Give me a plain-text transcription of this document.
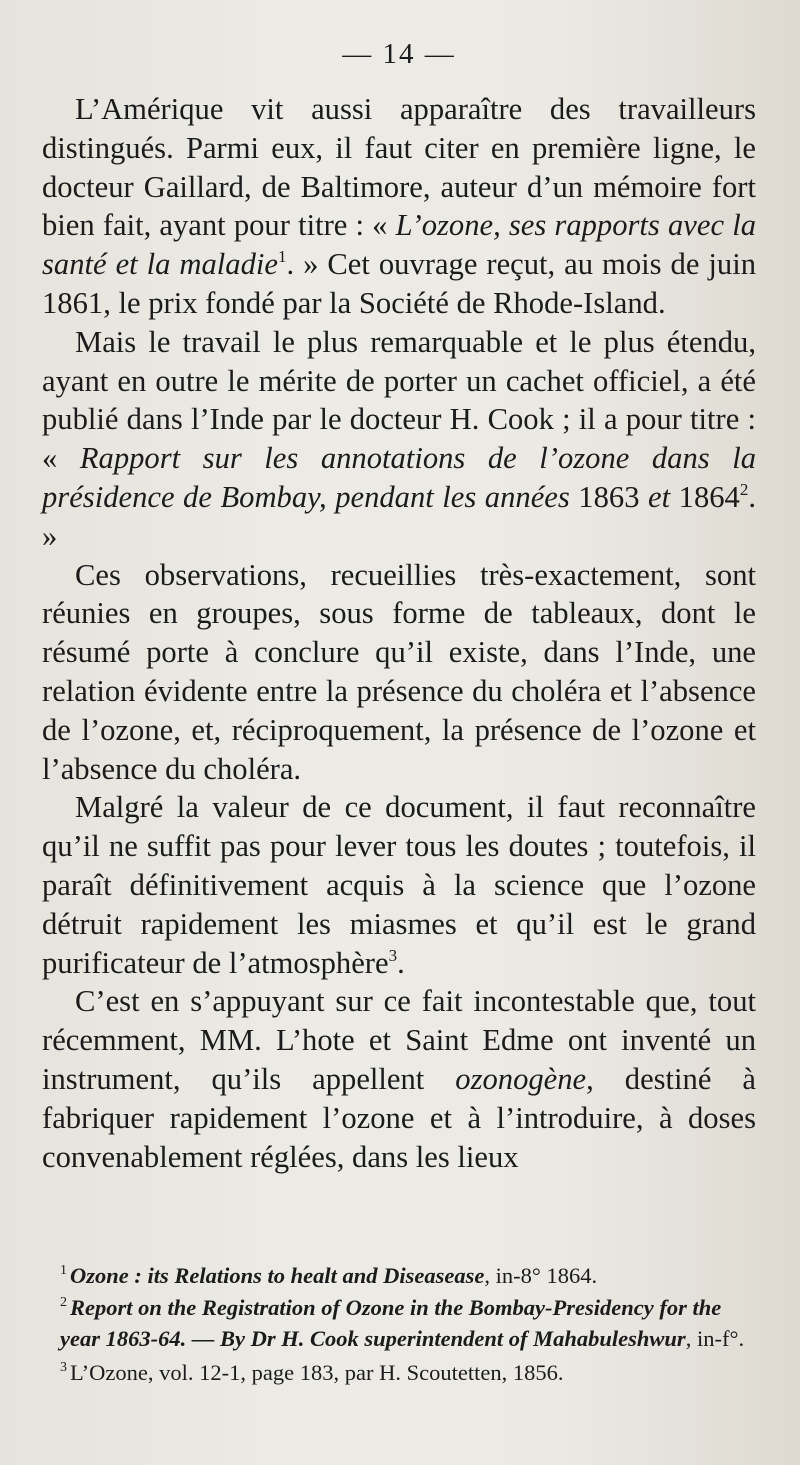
— 14 —

L’Amérique vit aussi apparaître des travailleurs distingués. Parmi eux, il faut citer en première ligne, le docteur Gaillard, de Baltimore, auteur d’un mémoire fort bien fait, ayant pour titre : « L’ozone, ses rapports avec la santé et la maladie$^1$. » Cet ouvrage reçut, au mois de juin 1861, le prix fondé par la Société de Rhode-Island.

Mais le travail le plus remarquable et le plus étendu, ayant en outre le mérite de porter un cachet officiel, a été publié dans l’Inde par le docteur H. Cook ; il a pour titre : « Rapport sur les annotations de l’ozone dans la présidence de Bombay, pendant les années 1863 et 1864$^2$. »

Ces observations, recueillies très-exactement, sont réunies en groupes, sous forme de tableaux, dont le résumé porte à conclure qu’il existe, dans l’Inde, une relation évidente entre la présence du choléra et l’absence de l’ozone, et, réciproquement, la présence de l’ozone et l’absence du choléra.

Malgré la valeur de ce document, il faut reconnaître qu’il ne suffit pas pour lever tous les doutes ; toutefois, il paraît définitivement acquis à la science que l’ozone détruit rapidement les miasmes et qu’il est le grand purificateur de l’atmosphère$^3$.

C’est en s’appuyant sur ce fait incontestable que, tout récemment, MM. L’hote et Saint Edme ont inventé un instrument, qu’ils appellent ozonogène, destiné à fabriquer rapidement l’ozone et à l’introduire, à doses convenablement réglées, dans les lieux

$^1$ Ozone : its Relations to healt and Diseasease, in-8° 1864.

$^2$ Report on the Registration of Ozone in the Bombay-Presidency for the year 1863-64. — By Dr H. Cook superintendent of Mahabuleshwur, in-f°.

$^3$ L’Ozone, vol. 12-1, page 183, par H. Scoutetten, 1856.
